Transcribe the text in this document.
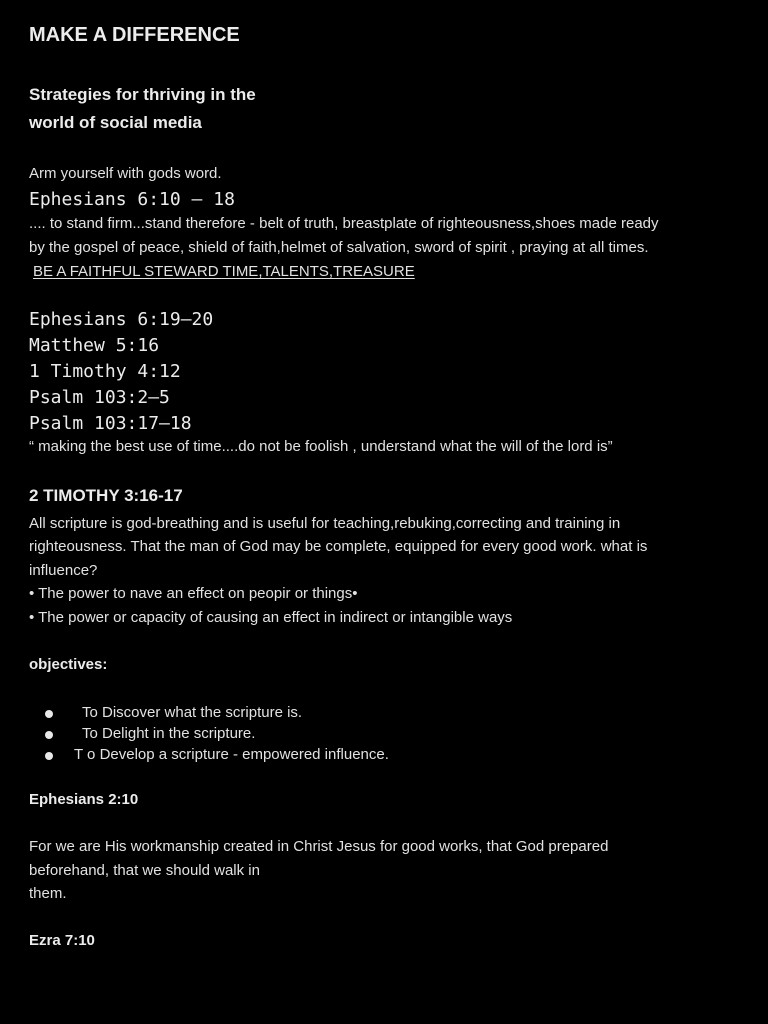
MAKE A DIFFERENCE
Strategies for thriving in the
world of social media
Arm yourself with gods word.
Ephesians 6:10 – 18
.... to stand firm...stand therefore - belt of truth, breastplate of righteousness,shoes made ready
by the gospel of peace, shield of faith,helmet of salvation, sword of spirit , praying at all times.
BE A FAITHFUL STEWARD TIME,TALENTS,TREASURE
Ephesians 6:19–20
Matthew 5:16
1 Timothy 4:12
Psalm 103:2–5
Psalm 103:17–18
“ making the best use of time....do not be foolish , understand what the will of the lord is”
2 TIMOTHY 3:16-17
All scripture is god-breathing and is useful for teaching,rebuking,correcting and training in
righteousness. That the man of God may be complete, equipped for every good work. what is
influence?
• The power to nave an effect on peopir or things•
• The power or capacity of causing an effect in indirect or intangible ways
objectives:
To Discover what the scripture is.
To Delight in the scripture.
T o Develop a scripture - empowered influence.
Ephesians 2:10
For we are His workmanship created in Christ Jesus for good works, that God prepared
beforehand, that we should walk in
them.
Ezra 7:10
